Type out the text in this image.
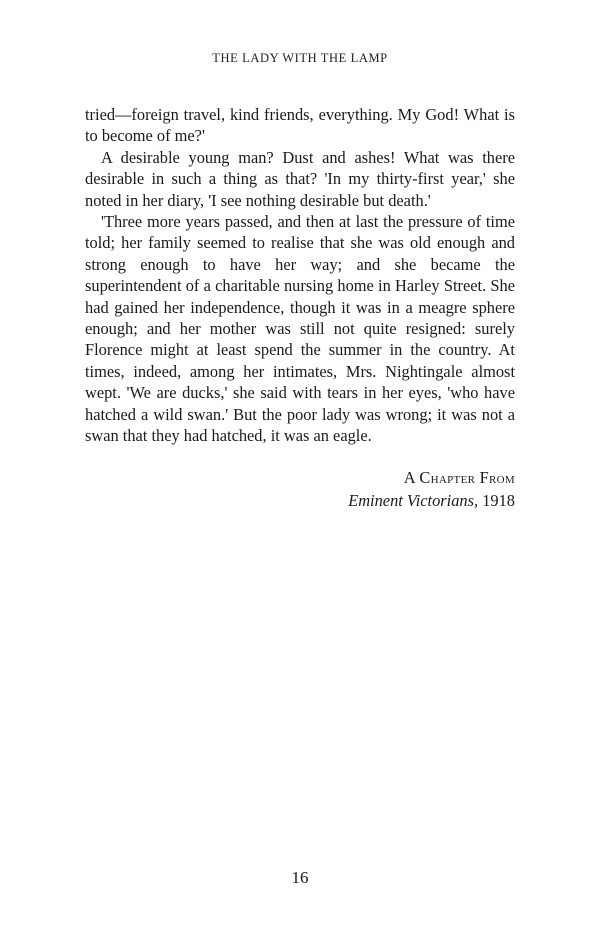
THE LADY WITH THE LAMP

tried—foreign travel, kind friends, everything. My God! What is to become of me?'

A desirable young man? Dust and ashes! What was there desirable in such a thing as that? 'In my thirty-first year,' she noted in her diary, 'I see nothing desirable but death.'

'Three more years passed, and then at last the pressure of time told; her family seemed to realise that she was old enough and strong enough to have her way; and she became the superintendent of a charitable nursing home in Harley Street. She had gained her independence, though it was in a meagre sphere enough; and her mother was still not quite resigned: surely Florence might at least spend the summer in the country. At times, indeed, among her intimates, Mrs. Nightingale almost wept. 'We are ducks,' she said with tears in her eyes, 'who have hatched a wild swan.' But the poor lady was wrong; it was not a swan that they had hatched, it was an eagle.

A Chapter From
Eminent Victorians, 1918
16
